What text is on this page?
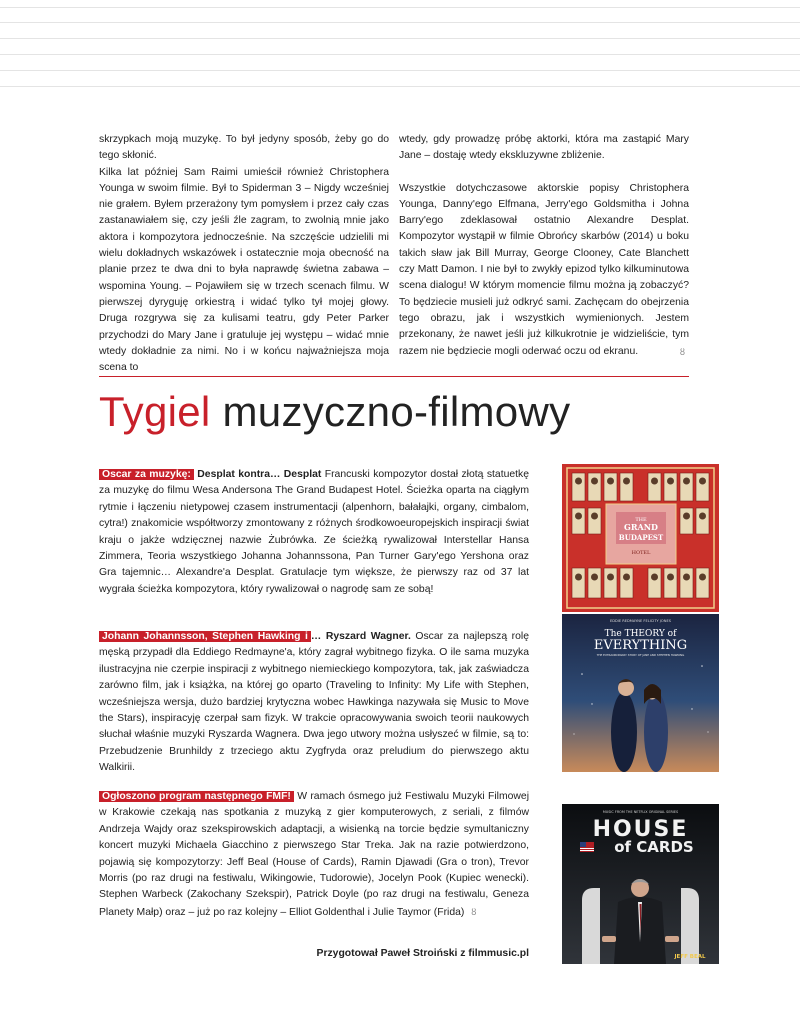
skrzypkach moją muzykę. To był jedyny sposób, żeby go do tego skłonić.

Kilka lat później Sam Raimi umieścił również Christophera Younga w swoim filmie. Był to Spiderman 3 – Nigdy wcześniej nie grałem. Byłem przerażony tym pomysłem i przez cały czas zastanawiałem się, czy jeśli źle zagram, to zwolnią mnie jako aktora i kompozytora jednocześnie. Na szczęście udzielili mi wielu dokładnych wskazówek i ostatecznie moja obecność na planie przez te dwa dni to była naprawdę świetna zabawa – wspomina Young. – Pojawiłem się w trzech scenach filmu. W pierwszej dyryguję orkiestrą i widać tylko tył mojej głowy. Druga rozgrywa się za kulisami teatru, gdy Peter Parker przychodzi do Mary Jane i gratuluje jej występu – widać mnie wtedy dokładnie za nimi. No i w końcu najważniejsza moja scena to

wtedy, gdy prowadzę próbę aktorki, która ma zastąpić Mary Jane – dostaję wtedy ekskluzywne zbliżenie.

Wszystkie dotychczasowe aktorskie popisy Christophera Younga, Danny'ego Elfmana, Jerry'ego Goldsmitha i Johna Barry'ego zdeklasował ostatnio Alexandre Desplat. Kompozytor wystąpił w filmie Obrońcy skarbów (2014) u boku takich sław jak Bill Murray, George Clooney, Cate Blanchett czy Matt Damon. I nie był to zwykły epizod tylko kilkuminutowa scena dialogu! W którym momencie filmu można ją zobaczyć? To będziecie musieli już odkryć sami. Zachęcam do obejrzenia tego obrazu, jak i wszystkich wymienionych. Jestem przekonany, że nawet jeśli już kilkukrotnie je widzieliście, tym razem nie będziecie mogli oderwać oczu od ekranu.	ȣ

Tygiel muzyczno-filmowy
Oscar za muzykę: Desplat kontra… Desplat Francuski kompozytor dostał złotą statuetkę za muzykę do filmu Wesa Andersona The Grand Budapest Hotel. Ścieżka oparta na ciągłym rytmie i łączeniu nietypowej czasem instrumentacji (alpenhorn, bałałajki, organy, cimbalom, cytra!) znakomicie współtworzy zmontowany z różnych środkowoeuropejskich inspiracji świat kraju o jakże wdzięcznej nazwie Żubrówka. Ze ścieżką rywalizował Interstellar Hansa Zimmera, Teoria wszystkiego Johanna Johannssona, Pan Turner Gary'ego Yershona oraz Gra tajemnic… Alexandre'a Desplat. Gratulacje tym większe, że pierwszy raz od 37 lat wygrała ścieżka kompozytora, który rywalizował o nagrodę sam ze sobą!
Johann Johannsson, Stephen Hawking i … Ryszard Wagner. Oscar za najlepszą rolę męską przypadł dla Eddiego Redmayne'a, który zagrał wybitnego fizyka. O ile sama muzyka ilustracyjna nie czerpie inspiracji z wybitnego niemieckiego kompozytora, tak, jak zaświadcza zarówno film, jak i książka, na której go oparto (Traveling to Infinity: My Life with Stephen, wcześniejsza wersja, dużo bardziej krytyczna wobec Hawkinga nazywała się Music to Move the Stars), inspiracyję czerpał sam fizyk. W trakcie opracowywania swoich teorii naukowych słuchał właśnie muzyki Ryszarda Wagnera. Dwa jego utwory można usłyszeć w filmie, są to: Przebudzenie Brunhildy z trzeciego aktu Zygfryda oraz preludium do pierwszego aktu Walkirii.
Ogłoszono program następnego FMF! W ramach ósmego już Festiwalu Muzyki Filmowej w Krakowie czekają nas spotkania z muzyką z gier komputerowych, z seriali, z filmów Andrzeja Wajdy oraz szekspirowskich adaptacji, a wisienką na torcie będzie symultaniczny koncert muzyki Michaela Giacchino z pierwszego Star Treka. Jak na razie potwierdzono, pojawią się kompozytorzy: Jeff Beal (House of Cards), Ramin Djawadi (Gra o tron), Trevor Morris (po raz drugi na festiwalu, Wikingowie, Tudorowie), Jocelyn Pook (Kupiec wenecki). Stephen Warbeck (Zakochany Szekspir), Patrick Doyle (po raz drugi na festiwalu, Geneza Planety Małp) oraz – już po raz kolejny – Elliot Goldenthal i Julie Taymor (Frida) ȣ
THE
GRAND
BUDAPEST
HOTEL
EDDIE REDMAYNE FELICITY JONES
The THEORY of
EVERYTHING
THE EXTRAORDINARY STORY OF JANE AND STEPHEN HAWKING
MUSIC FROM THE NETFLIX ORIGINAL SERIES
HOUSE
of CARDS
MUSIC BY
JEFF BEAL
Przygotował Paweł Stroiński z filmmusic.pl
